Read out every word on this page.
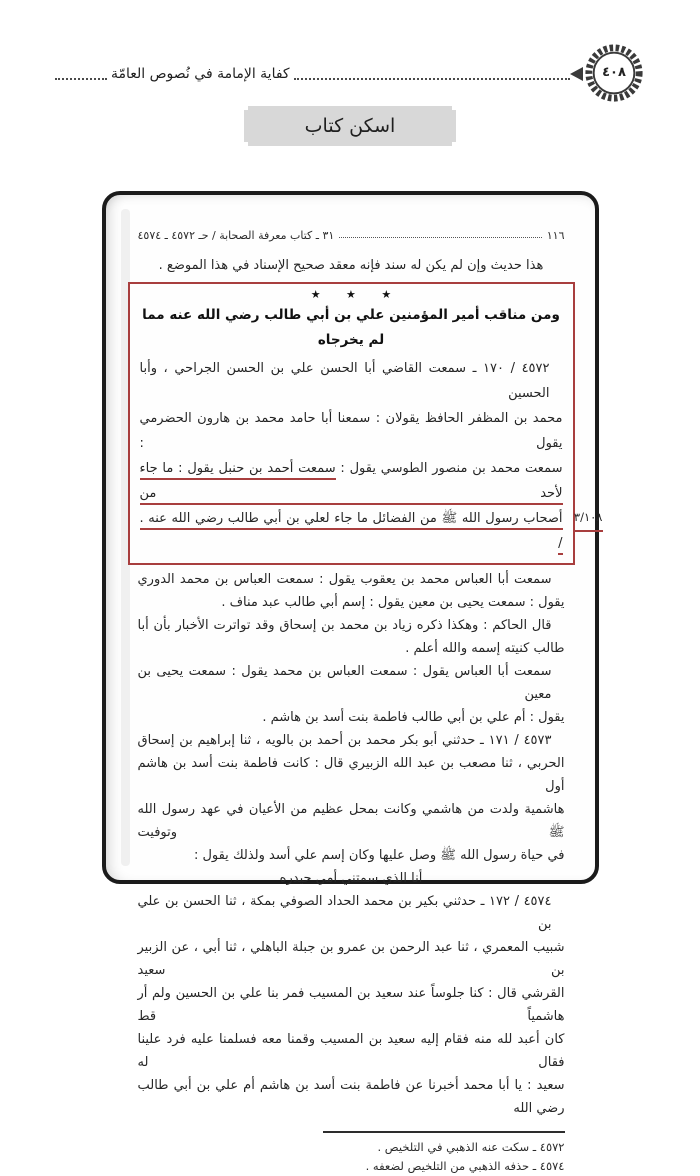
٤٠٨
كفاية الإمامة في نُصوص العامّة
اسكن كتاب
١١٦
٣١ ـ كتاب معرفة الصحابة / حـ ٤٥٧٢ ـ ٤٥٧٤
هذا حديث وإن لم يكن له سند فإنه معقد صحيح الإسناد في هذا الموضع .
★ ★ ★
ومن مناقب أمير المؤمنين علي بن أبي طالب رضي الله عنه مما لم يخرجاه
٤٥٧٢ / ١٧٠ ـ سمعت القاضي أبا الحسن علي بن الحسن الجراحي ، وأبا الحسين
محمد بن المظفر الحافظ يقولان : سمعنا أبا حامد محمد بن هارون الحضرمي يقول :
سمعت محمد بن منصور الطوسي يقول : سمعت أحمد بن حنبل يقول : ما جاء لأحد من
أصحاب رسول الله ﷺ من الفضائل ما جاء لعلي بن أبي طالب رضي الله عنه . /
٣/١٠٨
سمعت أبا العباس محمد بن يعقوب يقول : سمعت العباس بن محمد الدوري
يقول : سمعت يحيى بن معين يقول : إسم أبي طالب عبد مناف .
قال الحاكم : وهكذا ذكره زياد بن محمد بن إسحاق وقد تواترت الأخبار بأن أبا
طالب كنيته إسمه والله أعلم .
سمعت أبا العباس يقول : سمعت العباس بن محمد يقول : سمعت يحيى بن معين
يقول : أم علي بن أبي طالب فاطمة بنت أسد بن هاشم .
٤٥٧٣ / ١٧١ ـ حدثني أبو بكر محمد بن أحمد بن بالويه ، ثنا إبراهيم بن إسحاق
الحربي ، ثنا مصعب بن عبد الله الزبيري قال : كانت فاطمة بنت أسد بن هاشم أول
هاشمية ولدت من هاشمي وكانت بمحل عظيم من الأعيان في عهد رسول الله ﷺ وتوفيت
في حياة رسول الله ﷺ وصل عليها وكان إسم علي أسد ولذلك يقول :
أنا الذي سمتني أمي حيدره
٤٥٧٤ / ١٧٢ ـ حدثني بكير بن محمد الحداد الصوفي بمكة ، ثنا الحسن بن علي بن
شبيب المعمري ، ثنا عبد الرحمن بن عمرو بن جبلة الباهلي ، ثنا أبي ، عن الزبير بن سعيد
القرشي قال : كنا جلوساً عند سعيد بن المسيب فمر بنا علي بن الحسين ولم أر هاشمياً قط
كان أعبد لله منه فقام إليه سعيد بن المسيب وقمنا معه فسلمنا عليه فرد علينا فقال له
سعيد : يا أبا محمد أخبرنا عن فاطمة بنت أسد بن هاشم أم علي بن أبي طالب رضي الله
٤٥٧٢ ـ سكت عنه الذهبي في التلخيص .
٤٥٧٤ ـ حذفه الذهبي من التلخيص لضعفه .
